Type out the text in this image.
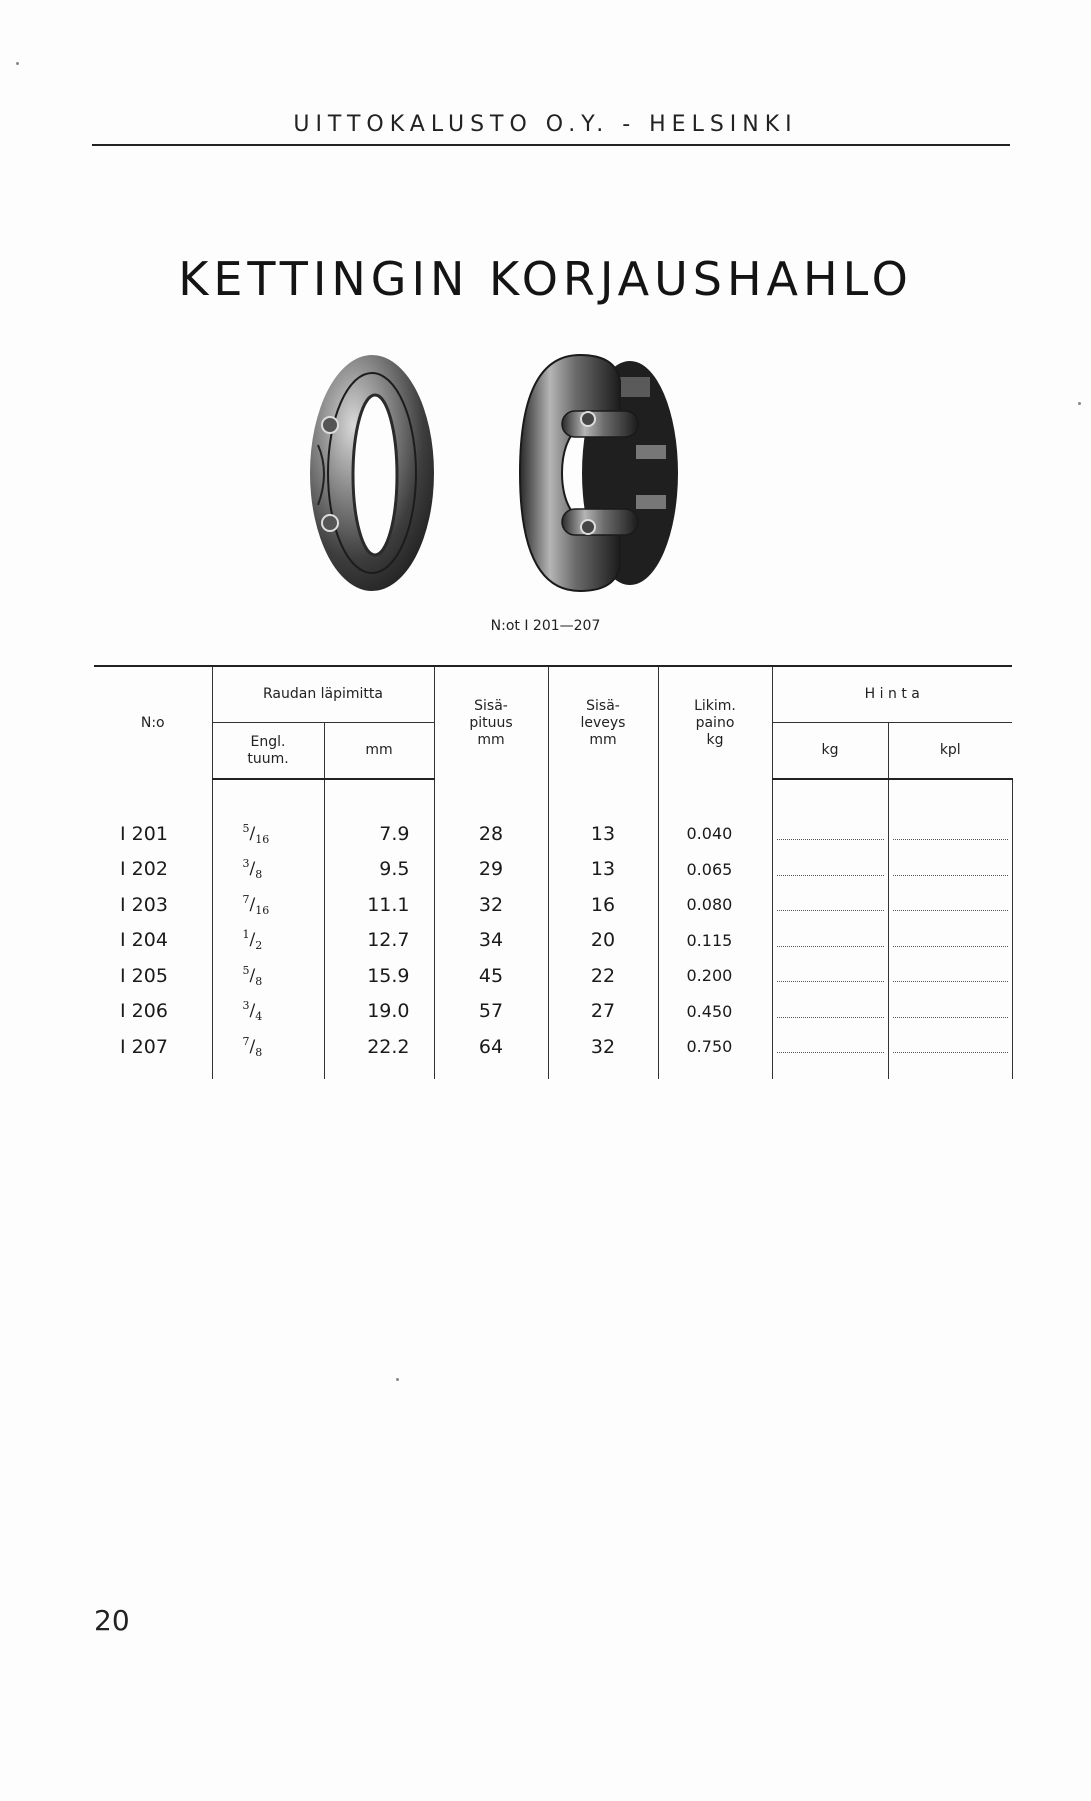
UITTOKALUSTO O.Y. - HELSINKI
KETTINGIN KORJAUSHAHLO
N:ot I 201—207
N:o	Raudan läpimitta		Sisä- pituus mm	Sisä- leveys mm	Likim. paino kg	H i n t a	
	Engl. tuum.	mm				kg	kpl

I 201	$^5/_{16}$	7.9	28	13	0.040	

I 202	$^3/_8$	9.5	29	13	0.065	

I 203	$^7/_{16}$	11.1	32	16	0.080	

I 204	$^1/_2$	12.7	34	20	0.115	

I 205	$^5/_8$	15.9	45	22	0.200	

I 206	$^3/_4$	19.0	57	27	0.450	

I 207	$^7/_8$	22.2	64	32	0.750	

20
